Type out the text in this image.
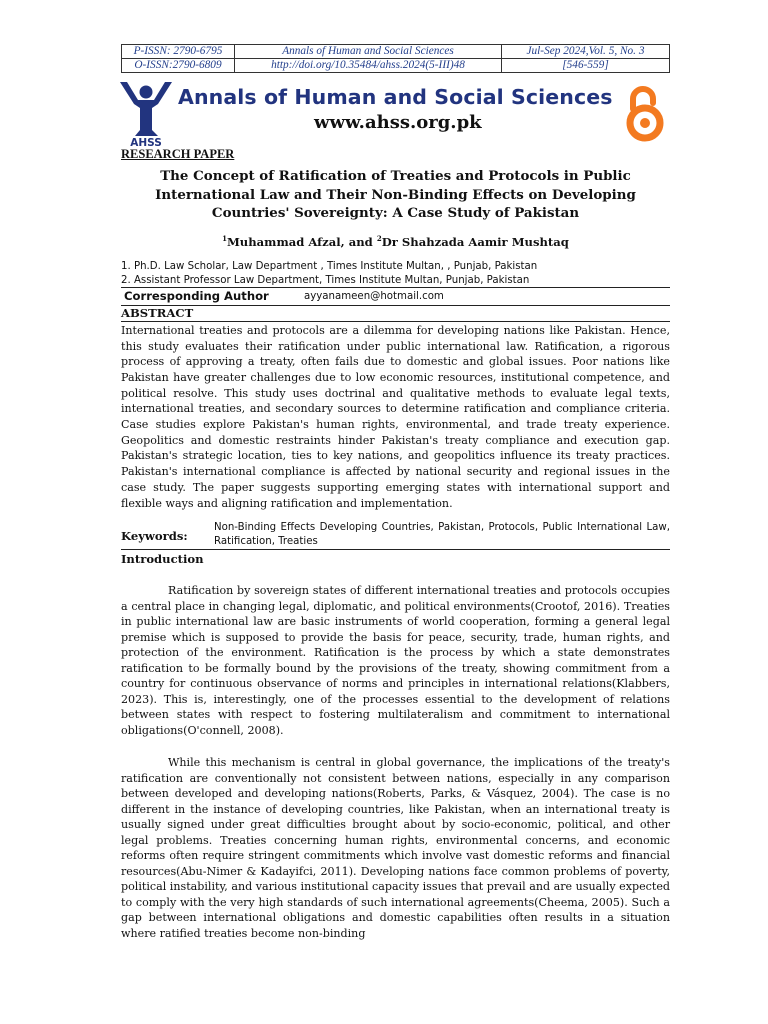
P-ISSN: 2790-6795	Annals of Human and Social Sciences	Jul-Sep 2024,Vol. 5, No. 3
O-ISSN:2790-6809	http://doi.org/10.35484/ahss.2024(5-III)48	[546-559]
AHSS
Annals of Human and Social Sciences
www.ahss.org.pk
RESEARCH PAPER
The Concept of Ratification of Treaties and Protocols in Public International Law and Their Non-Binding Effects on Developing Countries' Sovereignty: A Case Study of Pakistan
$^1$Muhammad Afzal, and $^2$Dr Shahzada Aamir Mushtaq
1. Ph.D. Law Scholar, Law Department , Times Institute Multan, , Punjab, Pakistan
2. Assistant Professor Law Department, Times Institute Multan, Punjab, Pakistan
Corresponding Author	ayyanameen@hotmail.com
ABSTRACT
International treaties and protocols are a dilemma for developing nations like Pakistan. Hence, this study evaluates their ratification under public international law. Ratification, a rigorous process of approving a treaty, often fails due to domestic and global issues. Poor nations like Pakistan have greater challenges due to low economic resources, institutional competence, and political resolve. This study uses doctrinal and qualitative methods to evaluate legal texts, international treaties, and secondary sources to determine ratification and compliance criteria. Case studies explore Pakistan's human rights, environmental, and trade treaty experience. Geopolitics and domestic restraints hinder Pakistan's treaty compliance and execution gap. Pakistan's strategic location, ties to key nations, and geopolitics influence its treaty practices. Pakistan's international compliance is affected by national security and regional issues in the case study. The paper suggests supporting emerging states with international support and flexible ways and aligning ratification and implementation.
Keywords:
Non-Binding Effects Developing Countries, Pakistan, Protocols, Public International Law, Ratification, Treaties
Introduction

Ratification by sovereign states of different international treaties and protocols occupies a central place in changing legal, diplomatic, and political environments(Crootof, 2016). Treaties in public international law are basic instruments of world cooperation, forming a general legal premise which is supposed to provide the basis for peace, security, trade, human rights, and protection of the environment. Ratification is the process by which a state demonstrates ratification to be formally bound by the provisions of the treaty, showing commitment from a country for continuous observance of norms and principles in international relations(Klabbers, 2023). This is, interestingly, one of the processes essential to the development of relations between states with respect to fostering multilateralism and commitment to international obligations(O'connell, 2008).

While this mechanism is central in global governance, the implications of the treaty's ratification are conventionally not consistent between nations, especially in any comparison between developed and developing nations(Roberts, Parks, & Vásquez, 2004). The case is no different in the instance of developing countries, like Pakistan, when an international treaty is usually signed under great difficulties brought about by socio-economic, political, and other legal problems. Treaties concerning human rights, environmental concerns, and economic reforms often require stringent commitments which involve vast domestic reforms and financial resources(Abu-Nimer & Kadayifci, 2011). Developing nations face common problems of poverty, political instability, and various institutional capacity issues that prevail and are usually expected to comply with the very high standards of such international agreements(Cheema, 2005). Such a gap between international obligations and domestic capabilities often results in a situation where ratified treaties become non-binding
